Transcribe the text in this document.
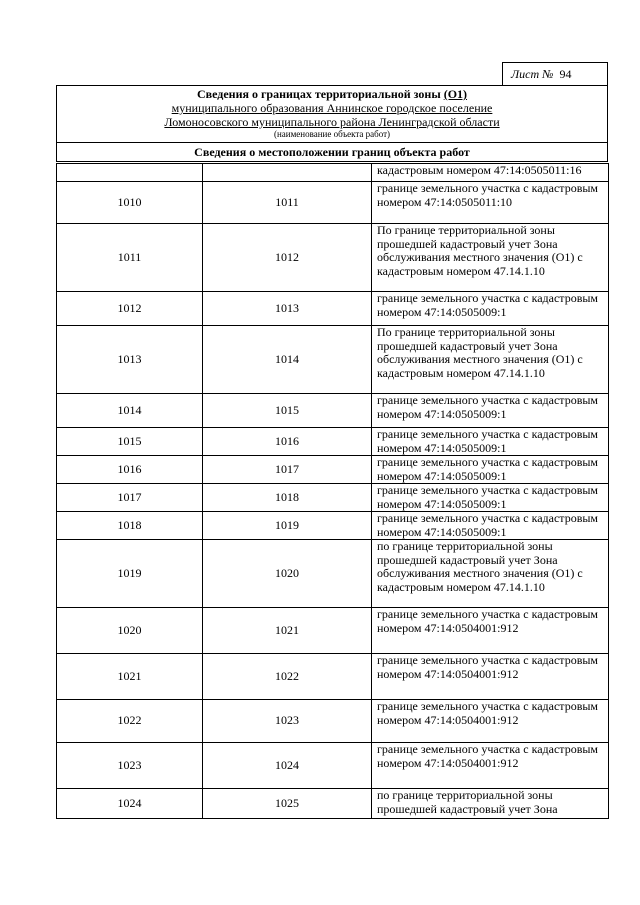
Лист № 94
Сведения о границах территориальной зоны (О1)
муниципального образования Аннинское городское поселение
Ломоносовского муниципального района Ленинградской области
(наименование объекта работ)
Сведения о местоположении границ объекта работ
		кадастровым номером 47:14:0505011:16
1010	1011	границе земельного участка с кадастровым номером 47:14:0505011:10
1011	1012	По границе территориальной зоны прошедшей кадастровый учет Зона обслуживания местного значения (О1) с кадастровым номером 47.14.1.10
1012	1013	границе земельного участка с кадастровым номером 47:14:0505009:1
1013	1014	По границе территориальной зоны прошедшей кадастровый учет Зона обслуживания местного значения (О1) с кадастровым номером 47.14.1.10
1014	1015	границе земельного участка с кадастровым номером 47:14:0505009:1
1015	1016	границе земельного участка с кадастровым номером 47:14:0505009:1
1016	1017	границе земельного участка с кадастровым номером 47:14:0505009:1
1017	1018	границе земельного участка с кадастровым номером 47:14:0505009:1
1018	1019	границе земельного участка с кадастровым номером 47:14:0505009:1
1019	1020	по границе территориальной зоны прошедшей кадастровый учет Зона обслуживания местного значения (О1) с кадастровым номером 47.14.1.10
1020	1021	границе земельного участка с кадастровым номером 47:14:0504001:912
1021	1022	границе земельного участка с кадастровым номером 47:14:0504001:912
1022	1023	границе земельного участка с кадастровым номером 47:14:0504001:912
1023	1024	границе земельного участка с кадастровым номером 47:14:0504001:912
1024	1025	по границе территориальной зоны прошедшей кадастровый учет Зона
